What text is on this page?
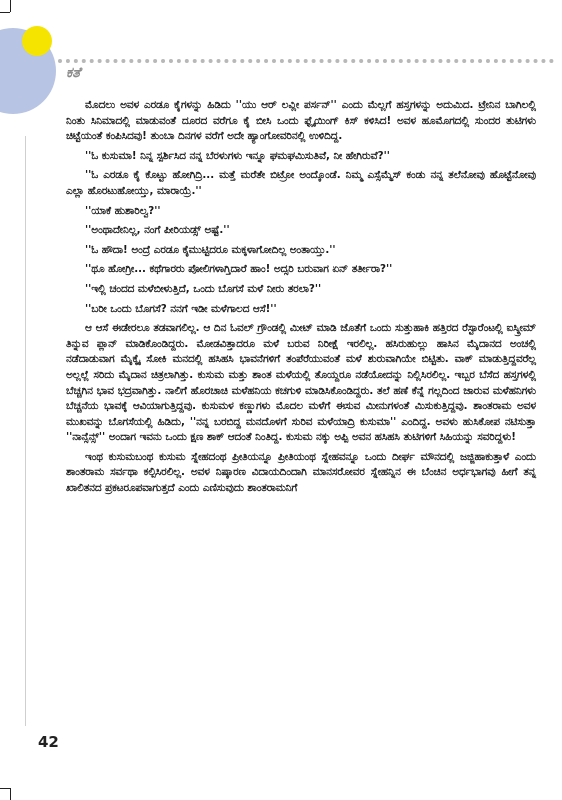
ಕತೆ

ಮೊದಲು ಅವಳ ಎರಡೂ ಕೈಗಳನ್ನು ಹಿಡಿದು ''ಯು ಆರ್ ಲವ್ಲೀ ಪರ್ಸನ್'' ಎಂದು ಮೆಲ್ಲಗೆ ಹಸ್ತಗಳನ್ನು ಅದುಮಿದ. ಟ್ರೇನಿನ ಬಾಗಿಲಲ್ಲಿ ನಿಂತು ಸಿನಿಮಾದಲ್ಲಿ ಮಾಡುವಂತೆ ದೂರದ ವರೆಗೂ ಕೈ ಬೀಸಿ ಒಂದು ಫ್ಲೈಯಿಂಗ್ ಕಿಸ್ ಕಳಿಸಿದ! ಅವಳ ಹೂಮೊಗದಲ್ಲಿ ಸುಂದರ ತುಟಿಗಳು ಚಿಟ್ಟೆಯಂತೆ ಕಂಪಿಸಿದವು! ತುಂಬಾ ದಿನಗಳ ವರೆಗೆ ಅದೇ ಹ್ಯಾಂಗೋವರಿನಲ್ಲಿ ಉಳಿದಿದ್ದ.

''ಓ ಕುಸುಮಾ! ನಿನ್ನ ಸ್ಪರ್ಶಿಸಿದ ನನ್ನ ಬೆರಳುಗಳು ಇನ್ನೂ ಘಮಘಮಿಸುತಿವೆ, ನೀ ಹೇಗಿರುವೆ?''

''ಓ ಎರಡೂ ಕೈ ಕೊಟ್ಟು ಹೋಗಿದ್ರಿ... ಮತ್ತೆ ಮರೆತೇ ಬಿಟ್ರೋ ಅಂದ್ಕೊಂಡೆ. ನಿಮ್ಮ ಎಸ್ಸೆಮ್ಮೆಸ್ ಕಂಡು ನನ್ನ ತಲೆನೋವು ಹೊಟ್ಟೆನೋವು ಎಲ್ಲಾ ಹೊರಟುಹೋಯ್ತು, ಮಾರಾಯ್ರೆ.''

''ಯಾಕೆ ಹುಶಾರಿಲ್ವ?''

''ಅಂಥಾದೇನಿಲ್ಲ, ನಂಗೆ ಪೀರಿಯಡ್ಸ್ ಅಷ್ಟೆ.''

''ಓ ಹೌದಾ! ಅಂದ್ರೆ ಎರಡೂ ಕೈಮುಟ್ಟಿದರೂ ಮಕ್ಕಳಾಗೋದಿಲ್ಲ ಅಂತಾಯ್ತು.''

''ಥೂ ಹೋಗ್ರೀ... ಕಥೆಗಾರರು ಪೋಲಿಗಳಾಗ್ತಿದಾರೆ ಹಾಂ! ಅದ್ಸರಿ ಬರುವಾಗ ಏನ್ ತರ್ತೀರಾ?''

''ಇಲ್ಲಿ ಚಂದದ ಮಳೆಬೀಳುತ್ತಿದೆ, ಒಂದು ಬೊಗಸೆ ಮಳೆ ನೀರು ತರಲಾ?''

''ಬರೀ ಒಂದು ಬೊಗಸೆ? ನನಗೆ ಇಡೀ ಮಳೆಗಾಲದ ಆಸೆ!''

ಆ ಆಸೆ ಈಡೇರಲೂ ತಡವಾಗಲಿಲ್ಲ. ಆ ದಿನ ಓವಲ್ ಗ್ರೌಂಡಲ್ಲಿ ಮೀಟ್ ಮಾಡಿ ಜೊತೆಗೆ ಒಂದು ಸುತ್ತುಹಾಕಿ ಹತ್ತಿರದ ರೆಸ್ಟಾರೆಂಟಲ್ಲಿ ಐಸ್ಕ್ರೀಮ್ ತಿನ್ನುವ ಪ್ಲಾನ್ ಮಾಡಿಕೊಂಡಿದ್ದರು. ಮೋಡವಿತ್ತಾದರೂ ಮಳೆ ಬರುವ ನಿರೀಕ್ಷೆ ಇರಲಿಲ್ಲ. ಹಸಿರುಹುಲ್ಲು ಹಾಸಿನ ಮೈದಾನದ ಅಂಚಲ್ಲಿ ನಡೆದಾಡುವಾಗ ಮೈಕ್ಕೈ ಸೋಕಿ ಮನದಲ್ಲಿ ಹಸಿಹಸಿ ಭಾವನೆಗಳಿಗೆ ತಂಪೆರೆಯುವಂತೆ ಮಳೆ ಶುರುವಾಗಿಯೇ ಬಿಟ್ಟಿತು. ವಾಕ್ ಮಾಡುತ್ತಿದ್ದವರೆಲ್ಲ ಅಲ್ಲಲ್ಲೆ ಸರಿದು ಮೈದಾನ ಚಿತ್ರಲಾಗಿತ್ತು. ಕುಸುಮ ಮತ್ತು ಶಾಂತ ಮಳೆಯಲ್ಲಿ ತೊಯ್ದರೂ ನಡೆಯೋದನ್ನು ನಿಲ್ಲಿಸಿರಲಿಲ್ಲ. ಇಬ್ಬರ ಬೆಸೆದ ಹಸ್ತಗಳಲ್ಲಿ ಬೆಚ್ಚಗಿನ ಭಾವ ಭದ್ರವಾಗಿತ್ತು. ನಾಲಿಗೆ ಹೊರಚಾಚಿ ಮಳೆಹನಿಯ ಕಚಗುಳಿ ಮಾಡಿಸಿಕೊಂಡಿದ್ದರು. ತಲೆ ಹಣೆ ಕೆನ್ನೆ ಗಲ್ಲದಿಂದ ಜಾರುವ ಮಳೆಹನಿಗಳು ಬೆಚ್ಚನೆಯ ಭಾವಕ್ಕೆ ಆವಿಯಾಗುತ್ತಿದ್ದವು. ಕುಸುಮಳ ಕಣ್ಣುಗಳು ಮೊದಲ ಮಳೆಗೆ ಈಸುವ ಮೀನುಗಳಂತೆ ಮಿಸುಕುತ್ತಿದ್ದವು. ಶಾಂತರಾಮ ಅವಳ ಮುಖವನ್ನು ಬೊಗಸೆಯಲ್ಲಿ ಹಿಡಿದು, ''ನನ್ನ ಬರಬಿದ್ದ ಮನದೊಳಗೆ ಸುರಿವ ಮಳೆಯಾದ್ರಿ ಕುಸುಮಾ'' ಎಂದಿದ್ದ. ಅವಳು ಹುಸಿಕೋಪ ನಟಿಸುತ್ತಾ ''ನಾನ್ಸೆನ್ಸ್'' ಅಂದಾಗ ಇವನು ಒಂದು ಕ್ಷಣ ಶಾಕ್ ಆದಂತೆ ನಿಂತಿದ್ದ. ಕುಸುಮ ನಕ್ಕು ಅಪ್ಪಿ ಅವನ ಹಸಿಹಸಿ ತುಟಿಗಳಿಗೆ ಸಿಹಿಯನ್ನು ಸವರಿದ್ದಳು!

ಇಂಥ ಕುಸುಮಬಂಥ ಕುಸುಮ ಸ್ನೇಹದಂಥ ಪ್ರೀತಿಯನ್ನೂ ಪ್ರೀತಿಯಂಥ ಸ್ನೇಹವನ್ನೂ ಒಂದು ದೀರ್ಘ ಮೌನದಲ್ಲಿ ಜಜ್ಜಿಹಾಕುತ್ತಾಳೆ ಎಂದು ಶಾಂತರಾಮ ಸರ್ವಥಾ ಕಲ್ಪಿಸಿರಲಿಲ್ಲ. ಅವಳ ನಿಷ್ಕಾರಣ ವಿದಾಯದಿಂದಾಗಿ ಮಾನಸರೋವರ ಸ್ನೇಹನ್ನಿನ ಈ ಬೆಂಚಿನ ಅರ್ಧಭಾಗವು ಹೀಗೆ ತನ್ನ ಖಾಲಿತನದ ಪ್ರಕಟರೂಪವಾಗುತ್ತದೆ ಎಂದು ಎಣಿಸುವುದು ಶಾಂತರಾಮನಿಗೆ

42
